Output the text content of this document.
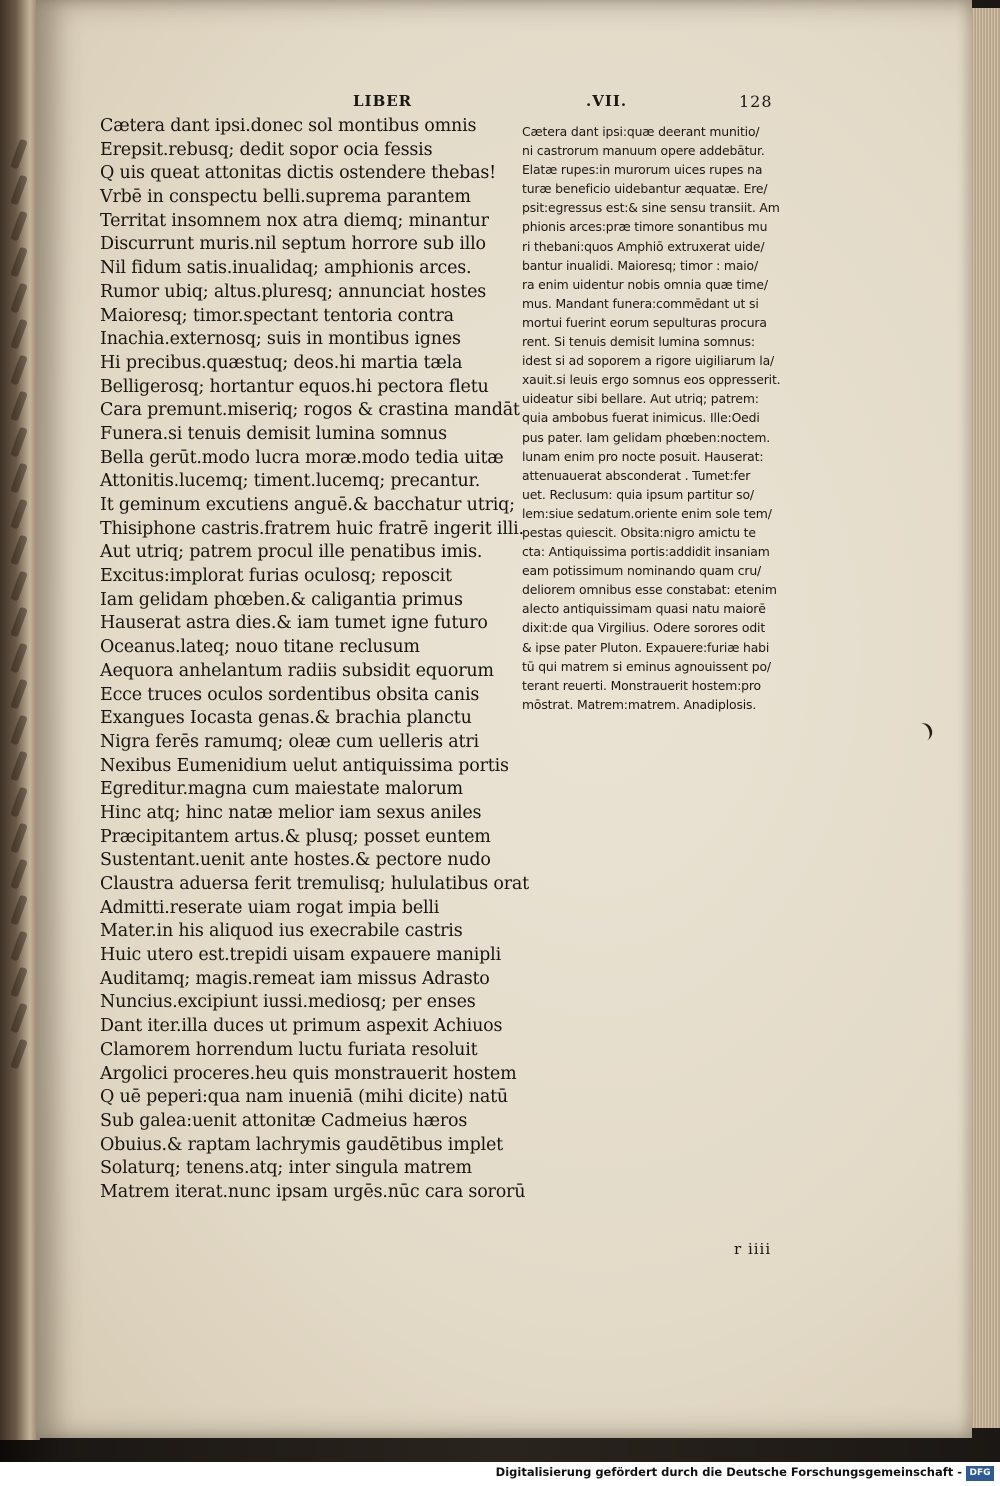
LIBER	.VII.	128
Cætera dant ipsi.donec sol montibus omnis
Erepsit.rebusq; dedit sopor ocia fessis
Q uis queat attonitas dictis ostendere thebas!
Vrbē in conspectu belli.suprema parantem
Territat insomnem nox atra diemq; minantur
Discurrunt muris.nil septum horrore sub illo
Nil fidum satis.inualidaq; amphionis arces.
Rumor ubiq; altus.pluresq; annunciat hostes
Maioresq; timor.spectant tentoria contra
Inachia.externosq; suis in montibus ignes
Hi precibus.quæstuq; deos.hi martia tæla
Belligerosq; hortantur equos.hi pectora fletu
Cara premunt.miseriq; rogos & crastina mandāt
Funera.si tenuis demisit lumina somnus
Bella gerūt.modo lucra moræ.modo tedia uitæ
Attonitis.lucemq; timent.lucemq; precantur.
It geminum excutiens anguē.& bacchatur utriq;
Thisiphone castris.fratrem huic fratrē ingerit illi.
Aut utriq; patrem procul ille penatibus imis.
Excitus:implorat furias oculosq; reposcit
Iam gelidam phœben.& caligantia primus
Hauserat astra dies.& iam tumet igne futuro
Oceanus.lateq; nouo titane reclusum
Aequora anhelantum radiis subsidit equorum
Ecce truces oculos sordentibus obsita canis
Exangues Iocasta genas.& brachia planctu
Nigra ferēs ramumq; oleæ cum uelleris atri
Nexibus Eumenidium uelut antiquissima portis
Egreditur.magna cum maiestate malorum
Hinc atq; hinc natæ melior iam sexus aniles
Præcipitantem artus.& plusq; posset euntem
Sustentant.uenit ante hostes.& pectore nudo
Claustra aduersa ferit tremulisq; hululatibus orat
Admitti.reserate uiam rogat impia belli
Mater.in his aliquod ius execrabile castris
Huic utero est.trepidi uisam expauere manipli
Auditamq; magis.remeat iam missus Adrasto
Nuncius.excipiunt iussi.mediosq; per enses
Dant iter.illa duces ut primum aspexit Achiuos
Clamorem horrendum luctu furiata resoluit
Argolici proceres.heu quis monstrauerit hostem
Q uē peperi:qua nam inueniā (mihi dicite) natū
Sub galea:uenit attonitæ Cadmeius hæros
Obuius.& raptam lachrymis gaudētibus implet
Solaturq; tenens.atq; inter singula matrem
Matrem iterat.nunc ipsam urgēs.nūc cara sororū
Cætera dant ipsi:quæ deerant munitio/
ni castrorum manuum opere addebātur.
Elatæ rupes:in murorum uices rupes na
turæ beneficio uidebantur æquatæ. Ere/
psit:egressus est:& sine sensu transiit. Am
phionis arces:præ timore sonantibus mu
ri thebani:quos Amphiō extruxerat uide/
bantur inualidi. Maioresq; timor : maio/
ra enim uidentur nobis omnia quæ time/
mus. Mandant funera:commēdant ut si
mortui fuerint eorum sepulturas procura
rent. Si tenuis demisit lumina somnus:
idest si ad soporem a rigore uigiliarum la/
xauit.si leuis ergo somnus eos oppresserit.
uideatur sibi bellare. Aut utriq; patrem:
quia ambobus fuerat inimicus. Ille:Oedi
pus pater. Iam gelidam phœben:noctem.
lunam enim pro nocte posuit. Hauserat:
attenuauerat absconderat . Tumet:fer
uet. Reclusum: quia ipsum partitur so/
lem:siue sedatum.oriente enim sole tem/
pestas quiescit. Obsita:nigro amictu te
cta: Antiquissima portis:addidit insaniam
eam potissimum nominando quam cru/
deliorem omnibus esse constabat: etenim
alecto antiquissimam quasi natu maiorē
dixit:de qua Virgilius. Odere sorores odit
& ipse pater Pluton. Expauere:furiæ habi
tū qui matrem si eminus agnouissent po/
terant reuerti. Monstrauerit hostem:pro
mōstrat. Matrem:matrem. Anadiplosis.
r iiii
Digitalisierung gefördert durch die Deutsche Forschungsgemeinschaft - DFG
